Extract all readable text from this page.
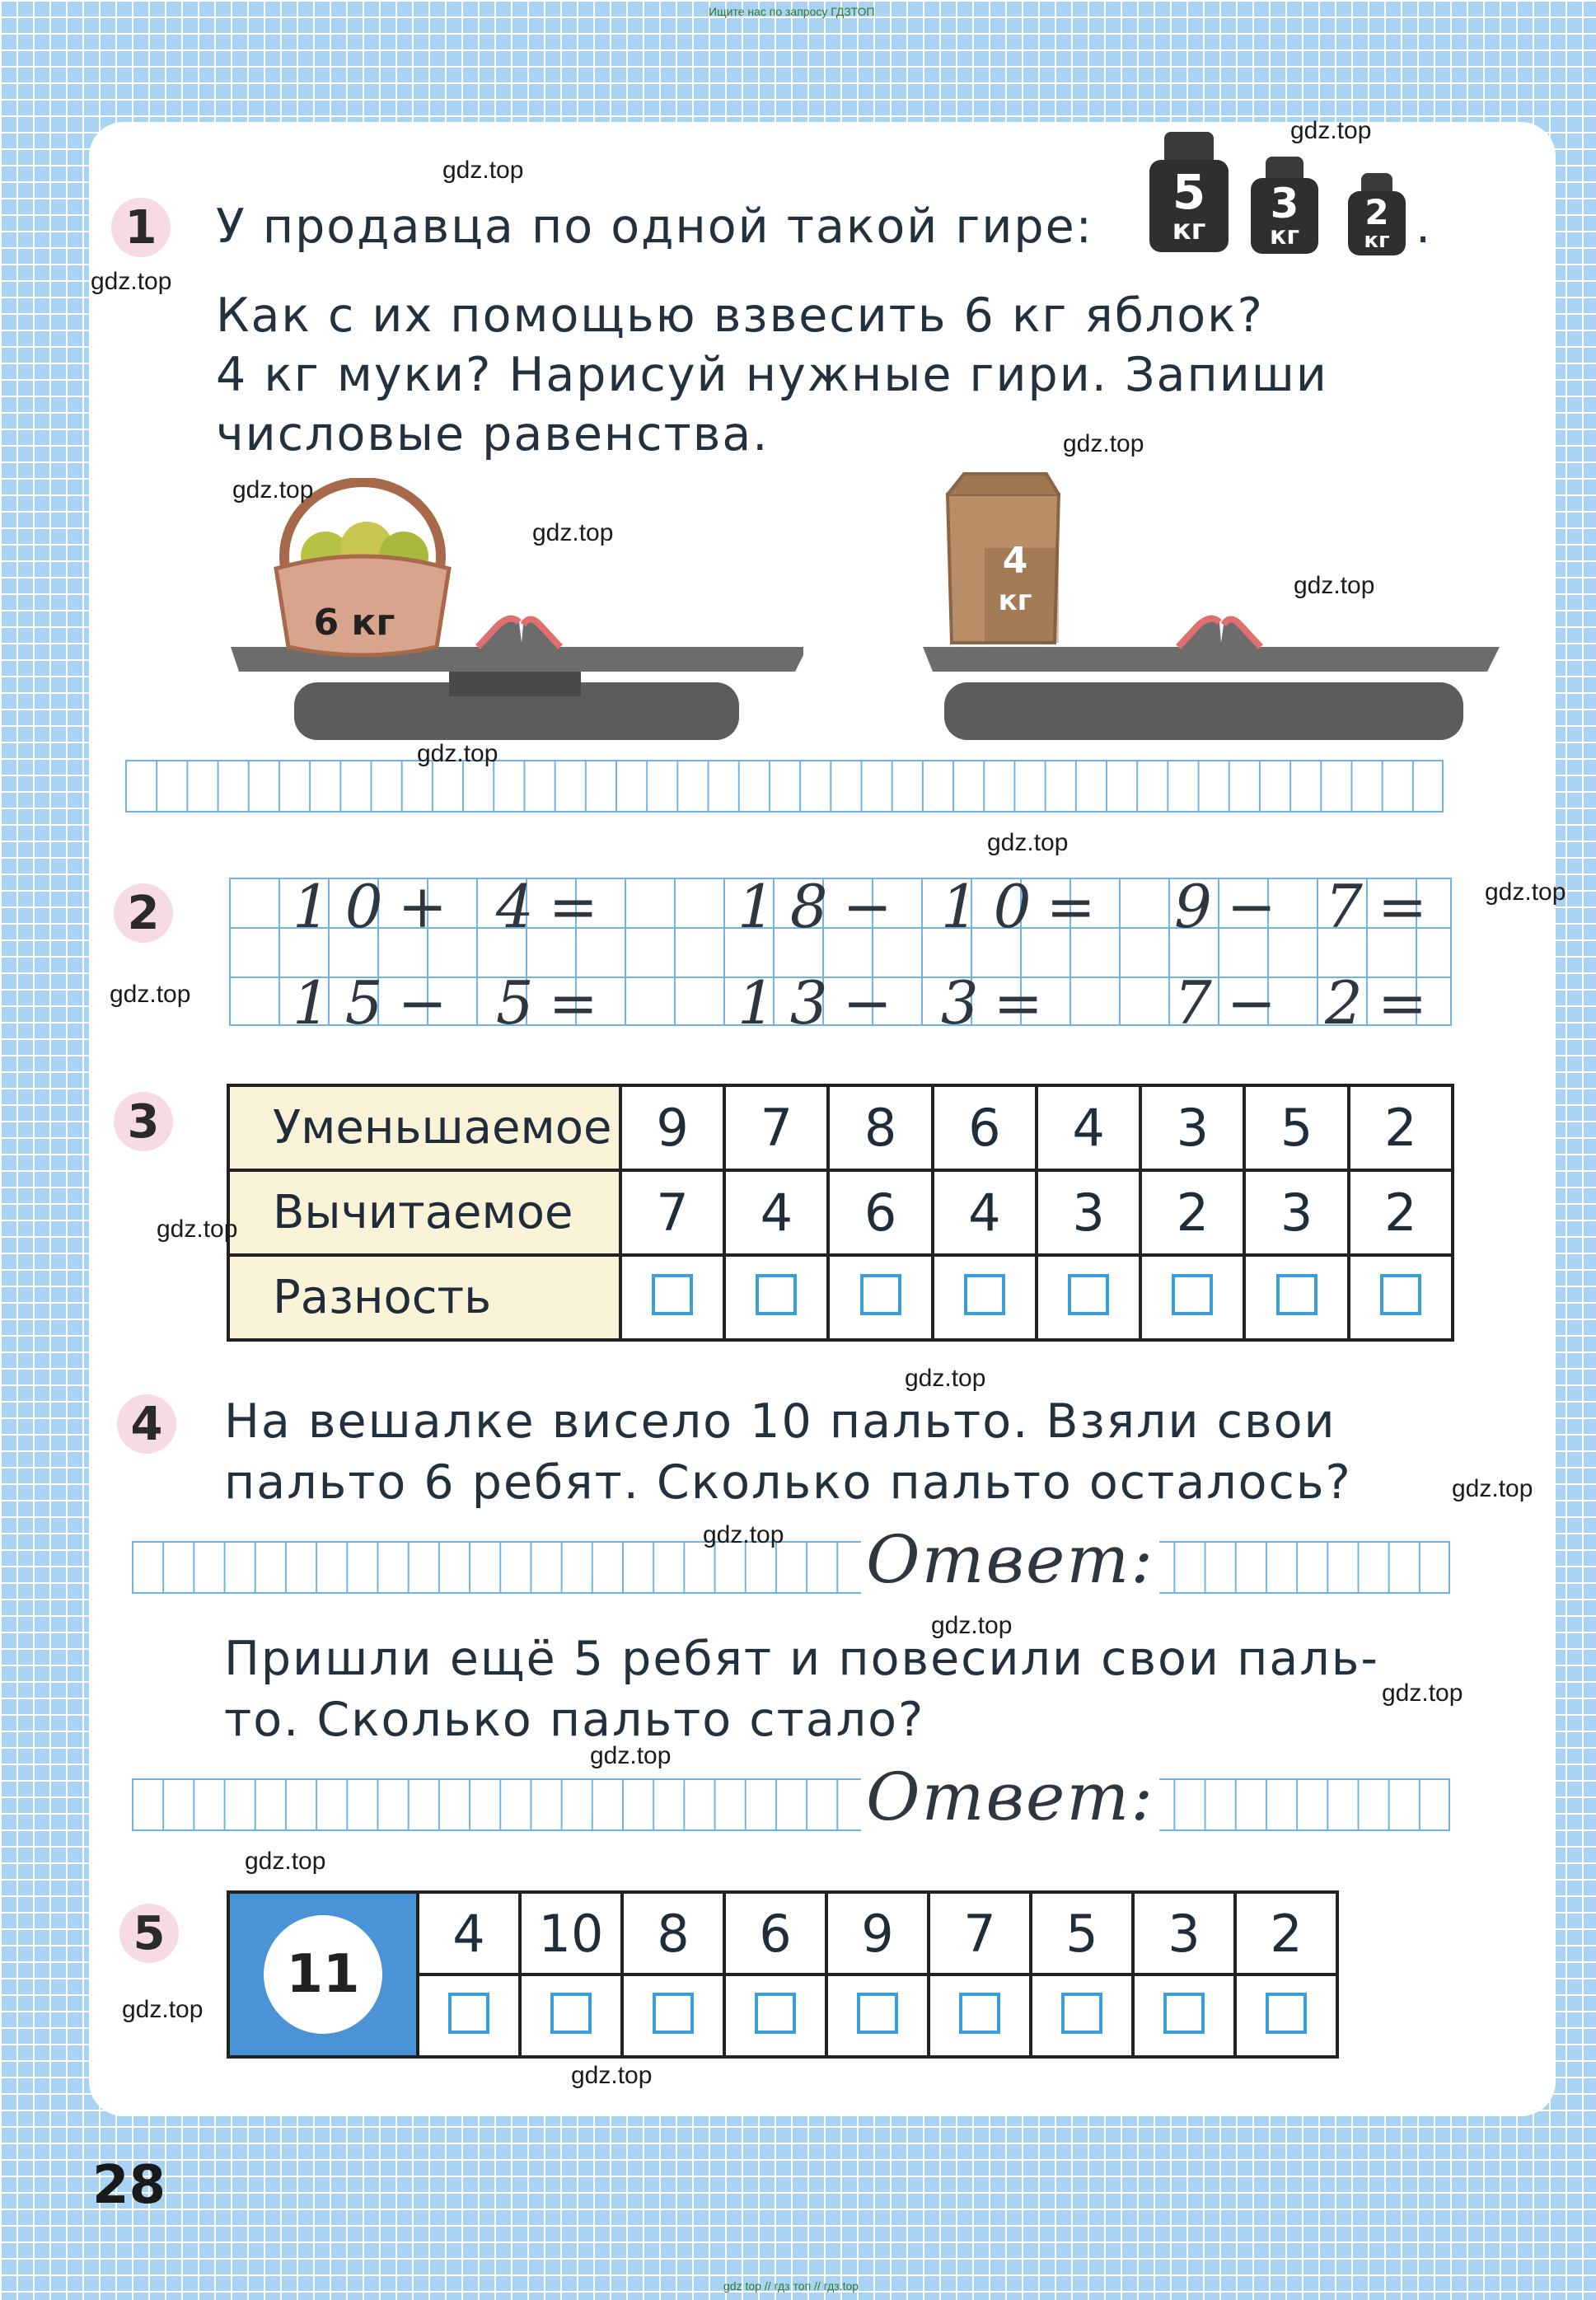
Ищите нас по запросу ГДЗТОП
gdz top // гдз топ // гдз.top
1 У продавца по одной такой гире:
5
кг
3
кг
2
кг .
Как с их помощью взвесить 6 кг яблок?
4 кг муки? Нарисуй нужные гири. Запиши
числовые равенства.
6 кг
4
кг
2 10+ 4= 18− 10= 9− 7=
15− 5= 13− 3= 7− 2=
3 Уменьшаемое	9	7	8	6	4	3	5	2
Вычитаемое	7	4	6	4	3	2	3	2
Разность								
4 На вешалке висело 10 пальто. Взяли свои
пальто 6 ребят. Сколько пальто осталось?
Ответ:
Пришли ещё 5 ребят и повесили свои паль-
то. Сколько пальто стало?
Ответ:
5
11	4	10	8	6	9	7	5	3	2

28
gdz.top
gdz.top
gdz.top
gdz.top
gdz.top
gdz.top
gdz.top
gdz.top
gdz.top
gdz.top
gdz.top
gdz.top
gdz.top
gdz.top
gdz.top
gdz.top
gdz.top
gdz.top
gdz.top
gdz.top
gdz.top
